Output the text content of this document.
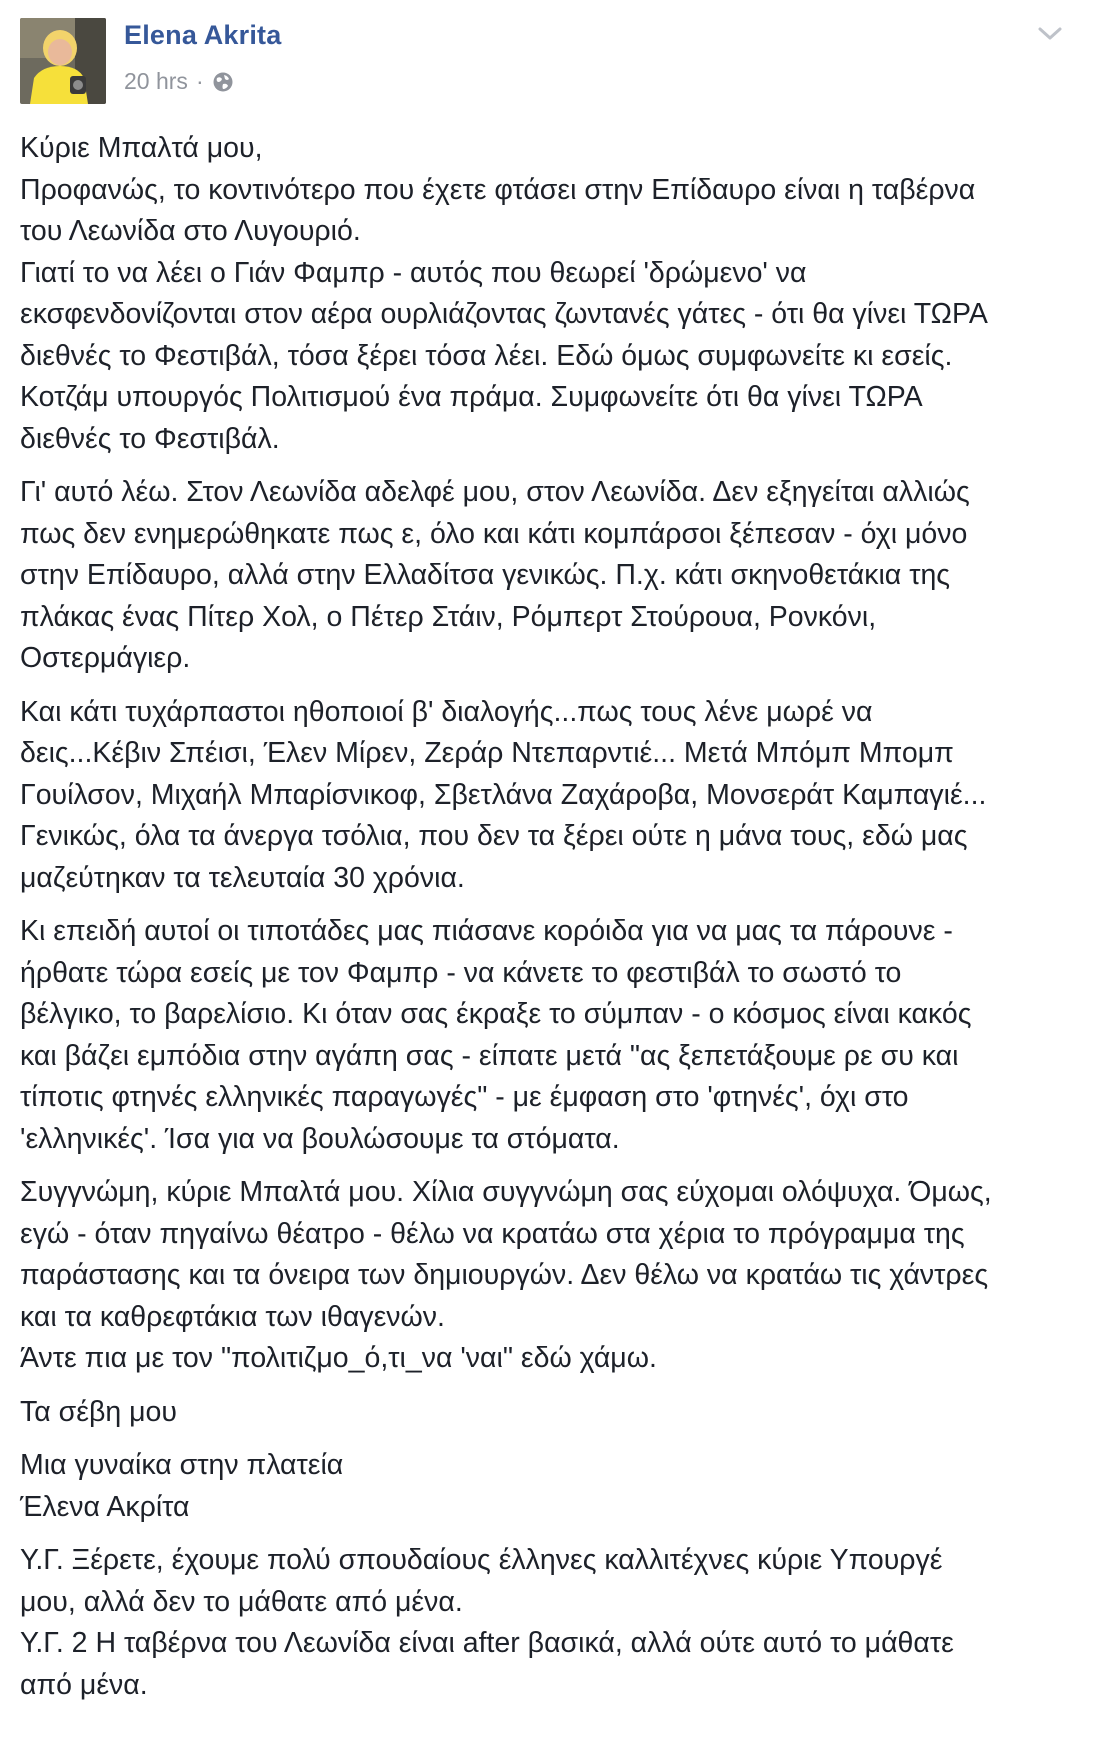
Elena Akrita
20 hrs ·

Κύριε Μπαλτά μου,
Προφανώς, το κοντινότερο που έχετε φτάσει στην Επίδαυρο είναι η ταβέρνα
του Λεωνίδα στο Λυγουριό.
Γιατί το να λέει ο Γιάν Φαμπρ - αυτός που θεωρεί 'δρώμενο' να
εκσφενδονίζονται στον αέρα ουρλιάζοντας ζωντανές γάτες - ότι θα γίνει ΤΩΡΑ
διεθνές το Φεστιβάλ, τόσα ξέρει τόσα λέει. Εδώ όμως συμφωνείτε κι εσείς.
Κοτζάμ υπουργός Πολιτισμού ένα πράμα. Συμφωνείτε ότι θα γίνει ΤΩΡΑ
διεθνές το Φεστιβάλ.

Γι' αυτό λέω. Στον Λεωνίδα αδελφέ μου, στον Λεωνίδα. Δεν εξηγείται αλλιώς
πως δεν ενημερώθηκατε πως ε, όλο και κάτι κομπάρσοι ξέπεσαν - όχι μόνο
στην Επίδαυρο, αλλά στην Ελλαδίτσα γενικώς. Π.χ. κάτι σκηνοθετάκια της
πλάκας ένας Πίτερ Χολ, ο Πέτερ Στάιν, Ρόμπερτ Στούρουα, Ρονκόνι,
Οστερμάγιερ.

Και κάτι τυχάρπαστοι ηθοποιοί β' διαλογής...πως τους λένε μωρέ να
δεις...Κέβιν Σπέισι, Έλεν Μίρεν, Ζεράρ Ντεπαρντιέ... Μετά Μπόμπ Μπομπ
Γουίλσον, Μιχαήλ Μπαρίσνικοφ, Σβετλάνα Ζαχάροβα, Μονσεράτ Καμπαγιέ...
Γενικώς, όλα τα άνεργα τσόλια, που δεν τα ξέρει ούτε η μάνα τους, εδώ μας
μαζεύτηκαν τα τελευταία 30 χρόνια.

Κι επειδή αυτοί οι τιποτάδες μας πιάσανε κορόιδα για να μας τα πάρουνε -
ήρθατε τώρα εσείς με τον Φαμπρ - να κάνετε το φεστιβάλ το σωστό το
βέλγικο, το βαρελίσιο. Κι όταν σας έκραξε το σύμπαν - ο κόσμος είναι κακός
και βάζει εμπόδια στην αγάπη σας - είπατε μετά "ας ξεπετάξουμε ρε συ και
τίποτις φτηνές ελληνικές παραγωγές" - με έμφαση στο 'φτηνές', όχι στο
'ελληνικές'. Ίσα για να βουλώσουμε τα στόματα.

Συγγνώμη, κύριε Μπαλτά μου. Χίλια συγγνώμη σας εύχομαι ολόψυχα. Όμως,
εγώ - όταν πηγαίνω θέατρο - θέλω να κρατάω στα χέρια το πρόγραμμα της
παράστασης και τα όνειρα των δημιουργών. Δεν θέλω να κρατάω τις χάντρες
και τα καθρεφτάκια των ιθαγενών.
Άντε πια με τον "πολιτιζμο_ό,τι_να 'ναι" εδώ χάμω.

Τα σέβη μου

Μια γυναίκα στην πλατεία
Έλενα Ακρίτα

Υ.Γ. Ξέρετε, έχουμε πολύ σπουδαίους έλληνες καλλιτέχνες κύριε Υπουργέ
μου, αλλά δεν το μάθατε από μένα.
Υ.Γ. 2 Η ταβέρνα του Λεωνίδα είναι after βασικά, αλλά ούτε αυτό το μάθατε
από μένα.
